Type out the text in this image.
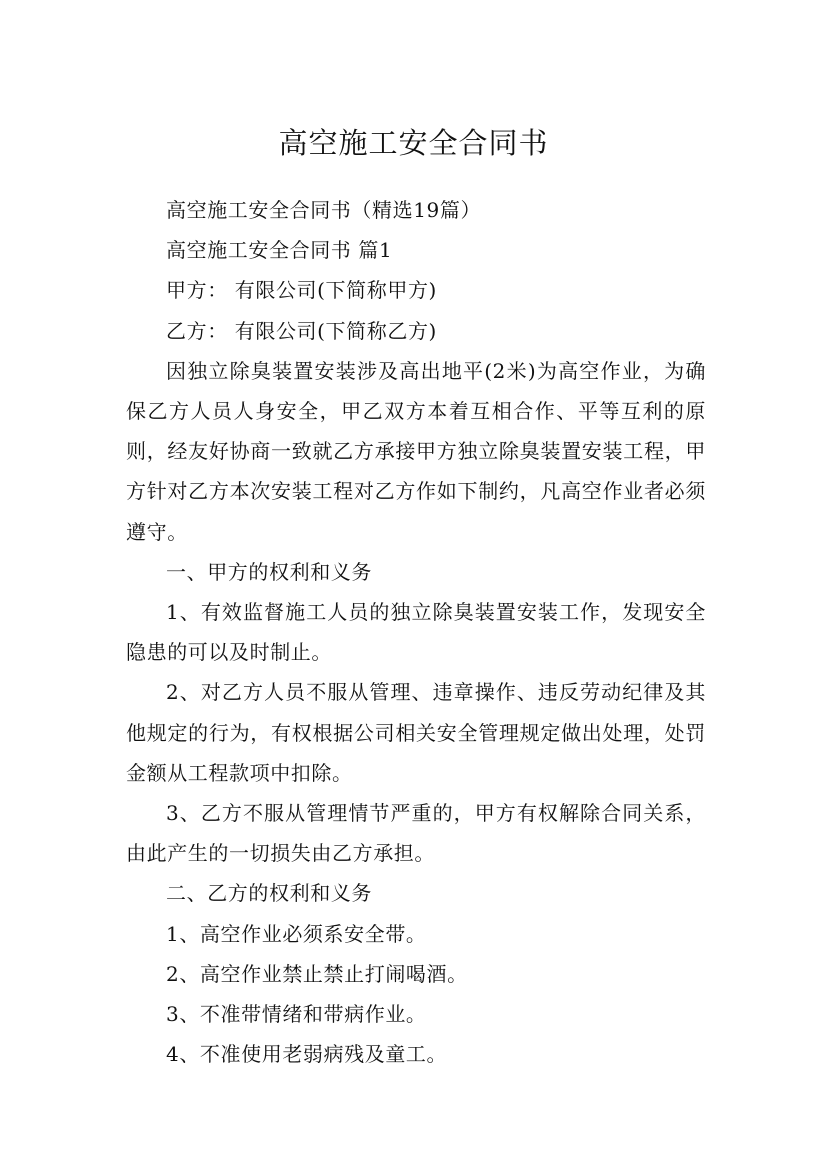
高空施工安全合同书

高空施工安全合同书（精选19篇）

高空施工安全合同书 篇1

甲方： 有限公司(下简称甲方)

乙方： 有限公司(下简称乙方)

因独立除臭装置安装涉及高出地平(2米)为高空作业，为确保乙方人员人身安全，甲乙双方本着互相合作、平等互利的原则，经友好协商一致就乙方承接甲方独立除臭装置安装工程，甲方针对乙方本次安装工程对乙方作如下制约，凡高空作业者必须遵守。

一、甲方的权利和义务

1、有效监督施工人员的独立除臭装置安装工作，发现安全隐患的可以及时制止。

2、对乙方人员不服从管理、违章操作、违反劳动纪律及其他规定的行为，有权根据公司相关安全管理规定做出处理，处罚金额从工程款项中扣除。

3、乙方不服从管理情节严重的，甲方有权解除合同关系，由此产生的一切损失由乙方承担。

二、乙方的权利和义务

1、高空作业必须系安全带。

2、高空作业禁止禁止打闹喝酒。

3、不准带情绪和带病作业。

4、不准使用老弱病残及童工。
